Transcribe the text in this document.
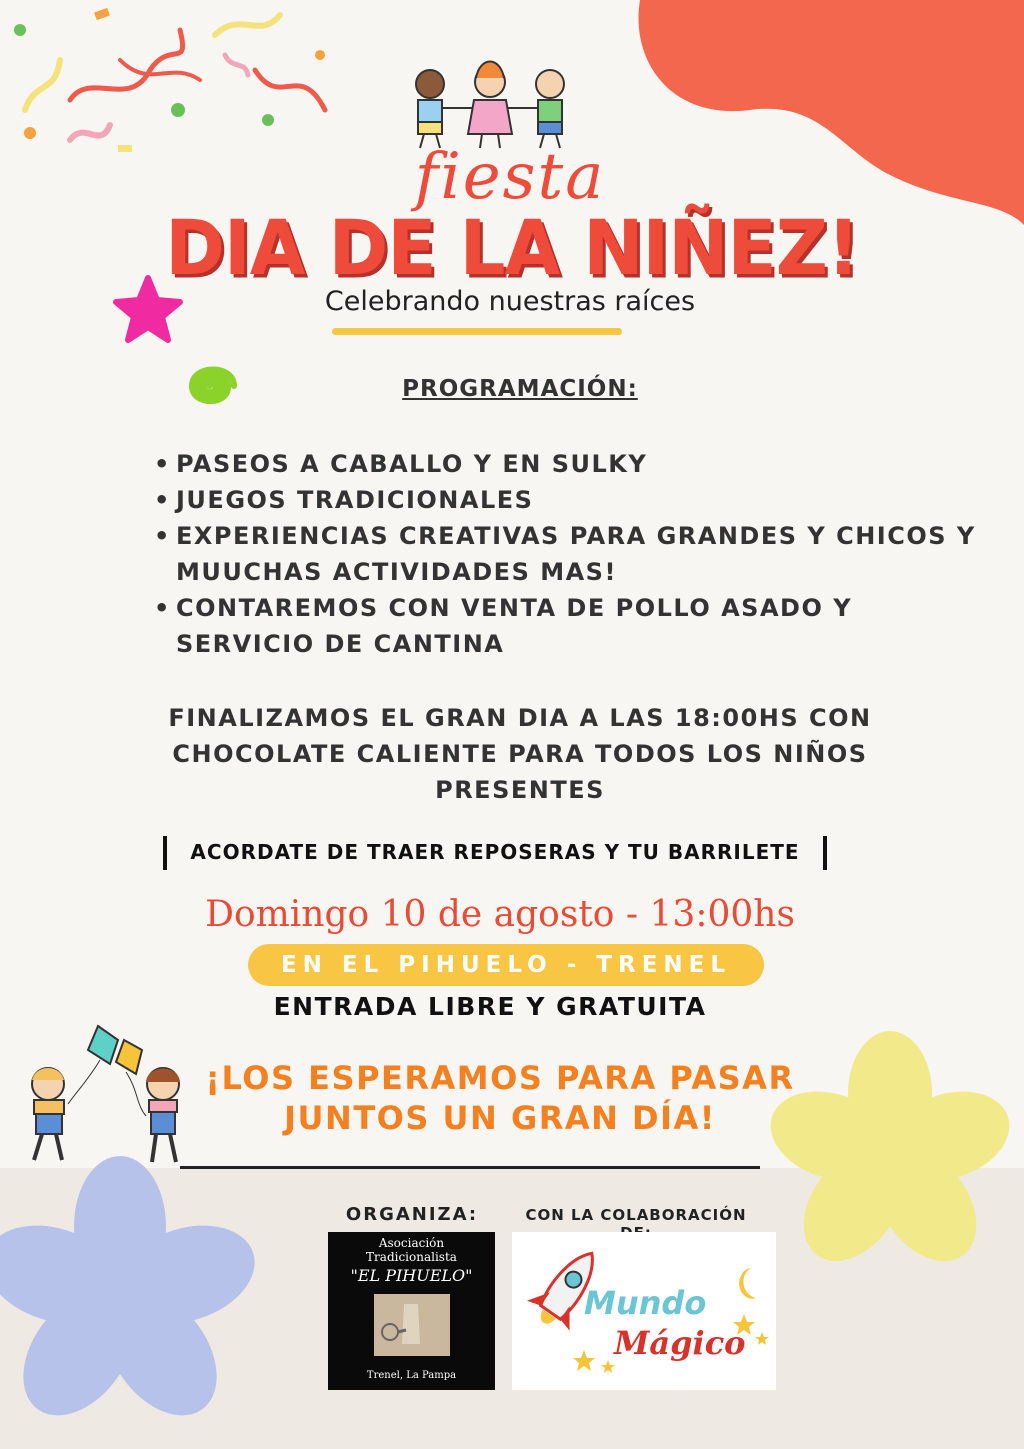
fiesta
DIA DE LA NIÑEZ!
Celebrando nuestras raíces
PROGRAMACIÓN:
• PASEOS A CABALLO Y EN SULKY
• JUEGOS TRADICIONALES
• EXPERIENCIAS CREATIVAS PARA GRANDES Y CHICOS Y MUUCHAS ACTIVIDADES MAS!
• CONTAREMOS CON VENTA DE POLLO ASADO Y SERVICIO DE CANTINA
FINALIZAMOS EL GRAN DIA A LAS 18:00HS CON CHOCOLATE CALIENTE PARA TODOS LOS NIÑOS PRESENTES
ACORDATE DE TRAER REPOSERAS Y TU BARRILETE
Domingo 10 de agosto - 13:00hs
EN EL PIHUELO - TRENEL
ENTRADA LIBRE Y GRATUITA
¡LOS ESPERAMOS PARA PASAR JUNTOS UN GRAN DÍA!
ORGANIZA:	CON LA COLABORACIÓN
Asociación
Tradicionalista
"EL PIHUELO"
Trenel, La Pampa
Mundo
Mágico
